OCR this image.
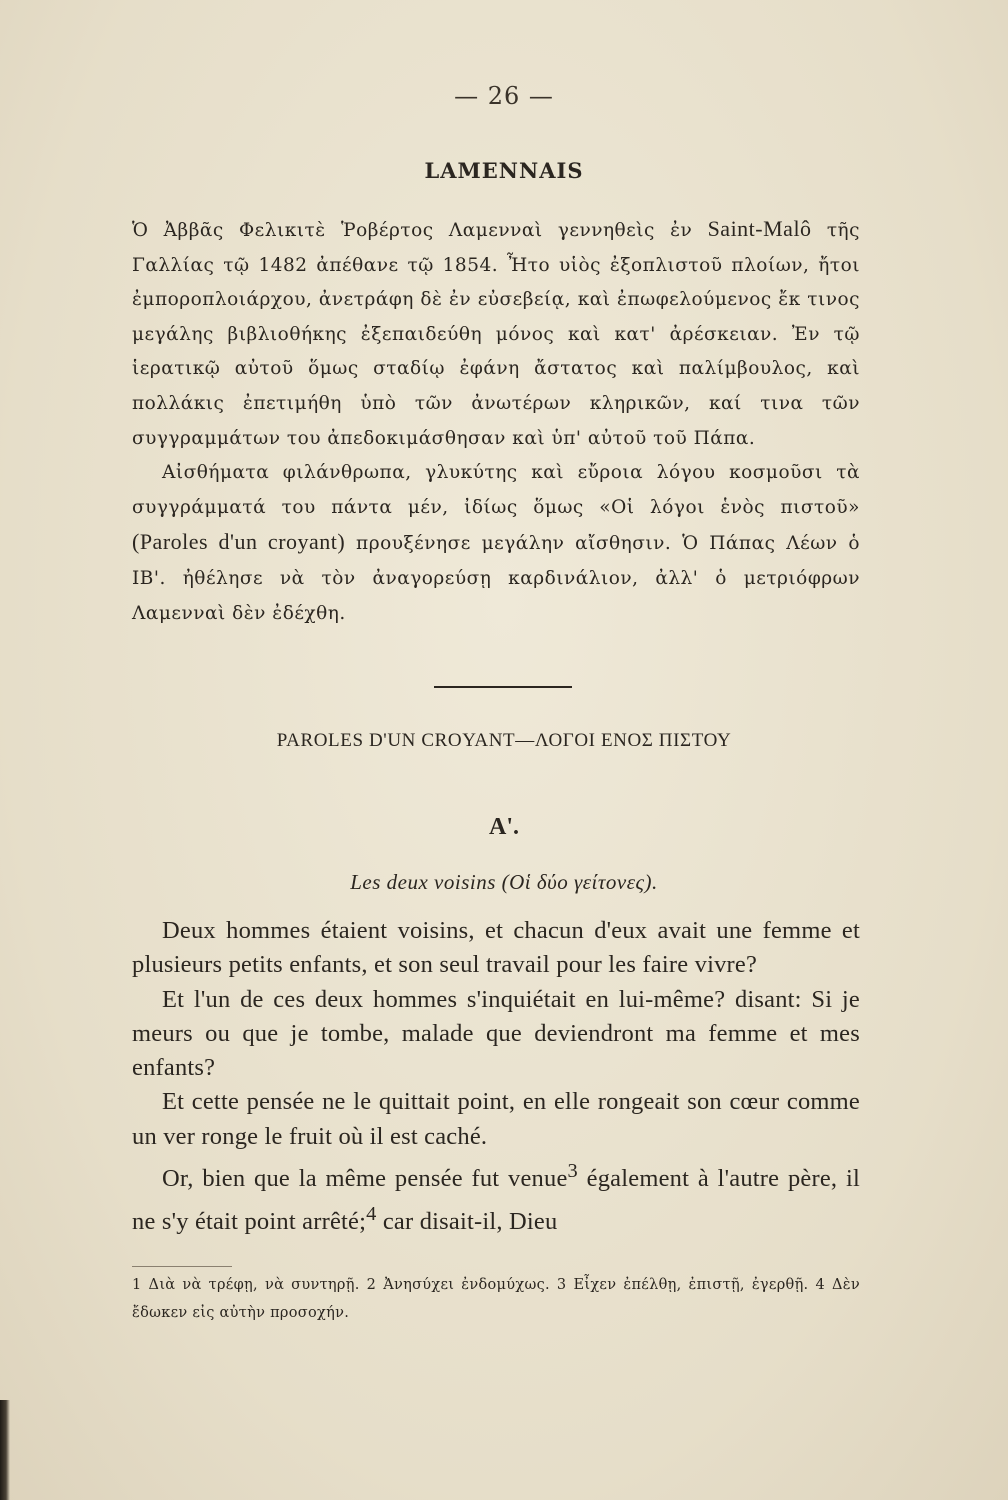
— 26 —
LAMENNAIS

Ὁ Ἀββᾶς Φελικιτὲ Ῥοβέρτος Λαμενναὶ γεννηθεὶς ἐν Saint-Malô τῆς Γαλλίας τῷ 1482 ἀπέθανε τῷ 1854. Ἦτο υἱὸς ἐξοπλιστοῦ πλοίων, ἤτοι ἐμποροπλοιάρχου, ἀνετράφη δὲ ἐν εὐσεβείᾳ, καὶ ἐπωφελούμενος ἔκ τινος μεγάλης βιβλιοθήκης ἐξεπαιδεύθη μόνος καὶ κατ' ἀρέσκειαν. Ἐν τῷ ἱερατικῷ αὐτοῦ ὅμως σταδίῳ ἐφάνη ἄστατος καὶ παλίμβουλος, καὶ πολλάκις ἐπετιμήθη ὑπὸ τῶν ἀνωτέρων κληρικῶν, καί τινα τῶν συγγραμμάτων του ἀπεδοκιμάσθησαν καὶ ὑπ' αὐτοῦ τοῦ Πάπα.

Αἰσθήματα φιλάνθρωπα, γλυκύτης καὶ εὔροια λόγου κοσμοῦσι τὰ συγγράμματά του πάντα μέν, ἰδίως ὅμως «Οἱ λόγοι ἑνὸς πιστοῦ» (Paroles d'un croyant) προυξένησε μεγάλην αἴσθησιν. Ὁ Πάπας Λέων ὁ ΙΒ'. ἠθέλησε νὰ τὸν ἀναγορεύσῃ καρδινάλιον, ἀλλ' ὁ μετριόφρων Λαμενναὶ δὲν ἐδέχθη.

PAROLES D'UN CROYANT—ΛΟΓΟΙ ΕΝΟΣ ΠΙΣΤΟΥ
Α'.
Les deux voisins (Οἱ δύο γείτονες).

Deux hommes étaient voisins, et chacun d'eux avait une femme et plusieurs petits enfants, et son seul travail pour les faire vivre?

Et l'un de ces deux hommes s'inquiétait en lui-même? disant: Si je meurs ou que je tombe, malade que deviendront ma femme et mes enfants?

Et cette pensée ne le quittait point, en elle rongeait son cœur comme un ver ronge le fruit où il est caché.

Or, bien que la même pensée fut venue$^3$ également à l'autre père, il ne s'y était point arrêté;$^4$ car disait-il, Dieu

1 Διὰ νὰ τρέφῃ, νὰ συντηρῇ. 2 Ἀνησύχει ἐνδομύχως. 3 Εἶχεν ἐπέλθῃ, ἐπιστῇ, ἐγερθῇ. 4 Δὲν ἔδωκεν εἰς αὐτὴν προσοχήν.
